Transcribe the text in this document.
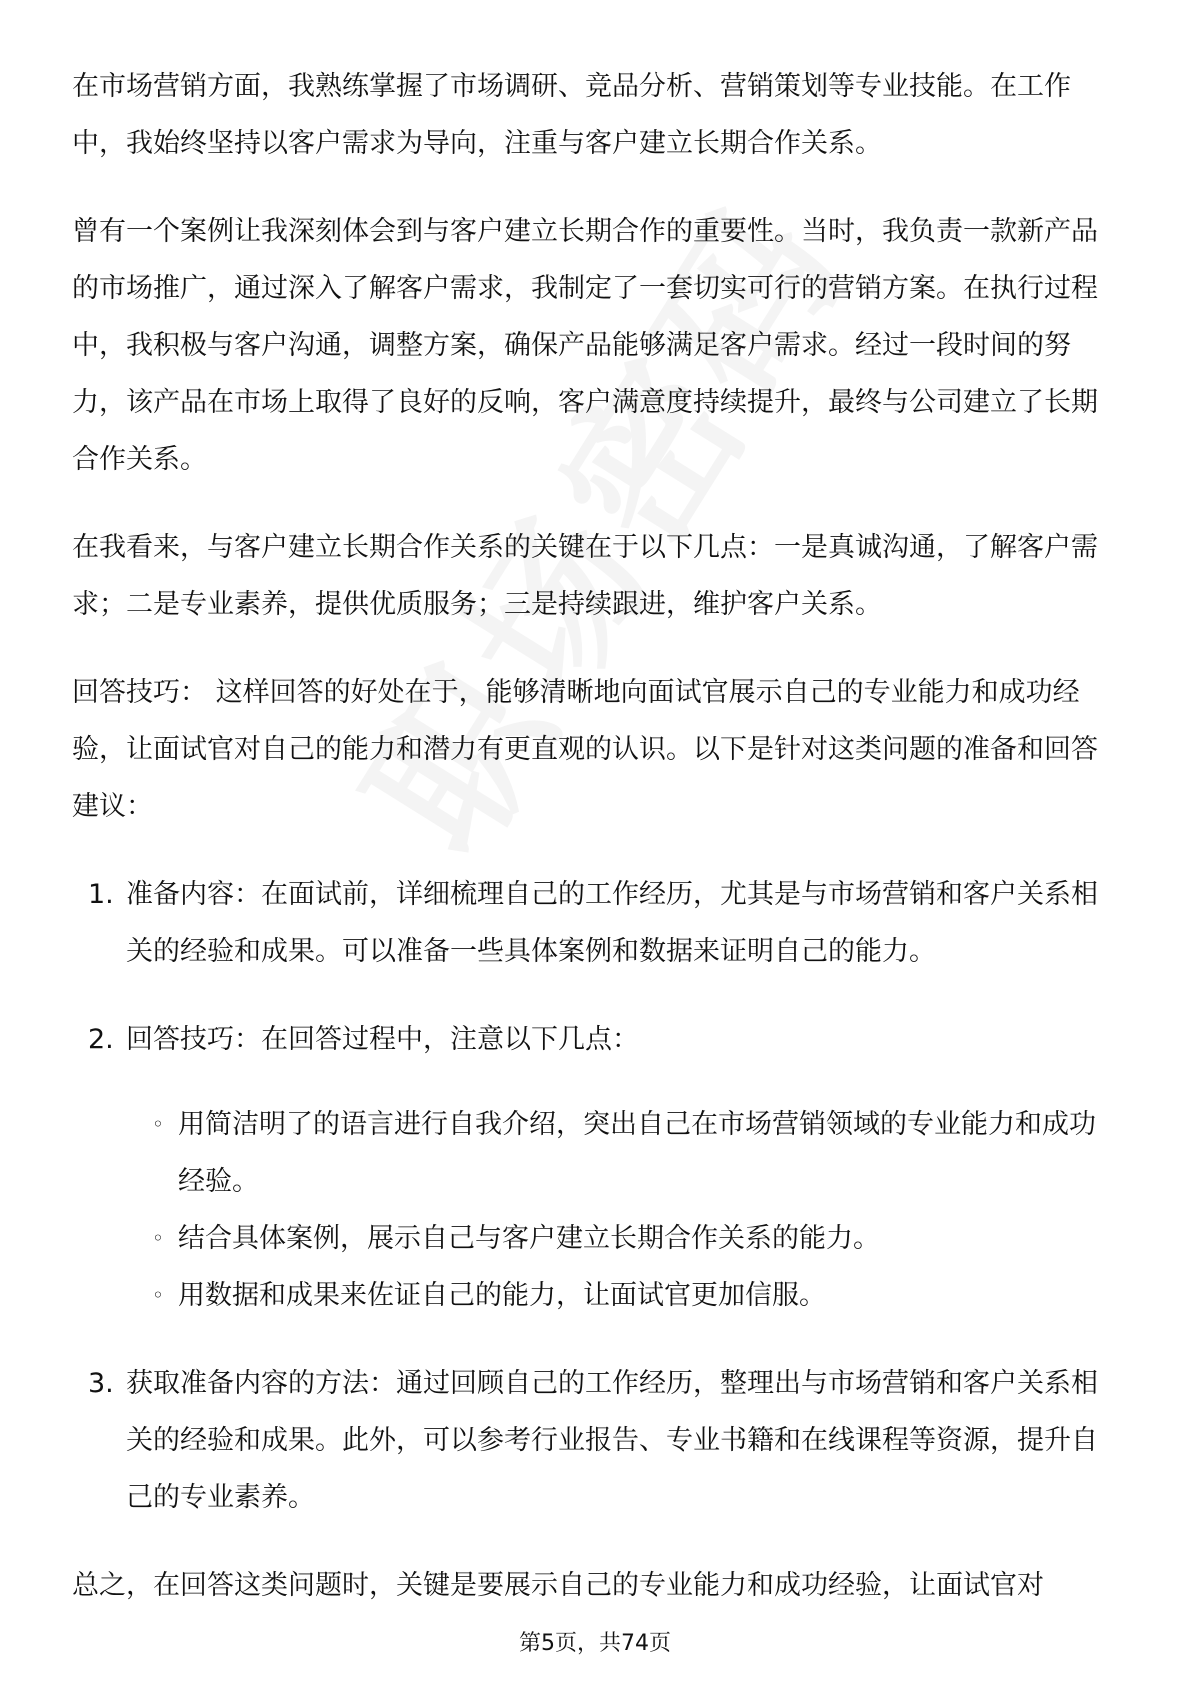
在市场营销方面，我熟练掌握了市场调研、竞品分析、营销策划等专业技能。在工作中，我始终坚持以客户需求为导向，注重与客户建立长期合作关系。

曾有一个案例让我深刻体会到与客户建立长期合作的重要性。当时，我负责一款新产品的市场推广，通过深入了解客户需求，我制定了一套切实可行的营销方案。在执行过程中，我积极与客户沟通，调整方案，确保产品能够满足客户需求。经过一段时间的努力，该产品在市场上取得了良好的反响，客户满意度持续提升，最终与公司建立了长期合作关系。

在我看来，与客户建立长期合作关系的关键在于以下几点：一是真诚沟通，了解客户需求；二是专业素养，提供优质服务；三是持续跟进，维护客户关系。

回答技巧： 这样回答的好处在于，能够清晰地向面试官展示自己的专业能力和成功经验，让面试官对自己的能力和潜力有更直观的认识。以下是针对这类问题的准备和回答建议：

1. 准备内容：在面试前，详细梳理自己的工作经历，尤其是与市场营销和客户关系相关的经验和成果。可以准备一些具体案例和数据来证明自己的能力。
2. 回答技巧：在回答过程中，注意以下几点：
◦ 用简洁明了的语言进行自我介绍，突出自己在市场营销领域的专业能力和成功经验。
◦ 结合具体案例，展示自己与客户建立长期合作关系的能力。
◦ 用数据和成果来佐证自己的能力，让面试官更加信服。
3. 获取准备内容的方法：通过回顾自己的工作经历，整理出与市场营销和客户关系相关的经验和成果。此外，可以参考行业报告、专业书籍和在线课程等资源，提升自己的专业素养。

总之，在回答这类问题时，关键是要展示自己的专业能力和成功经验，让面试官对

第5页，共74页
